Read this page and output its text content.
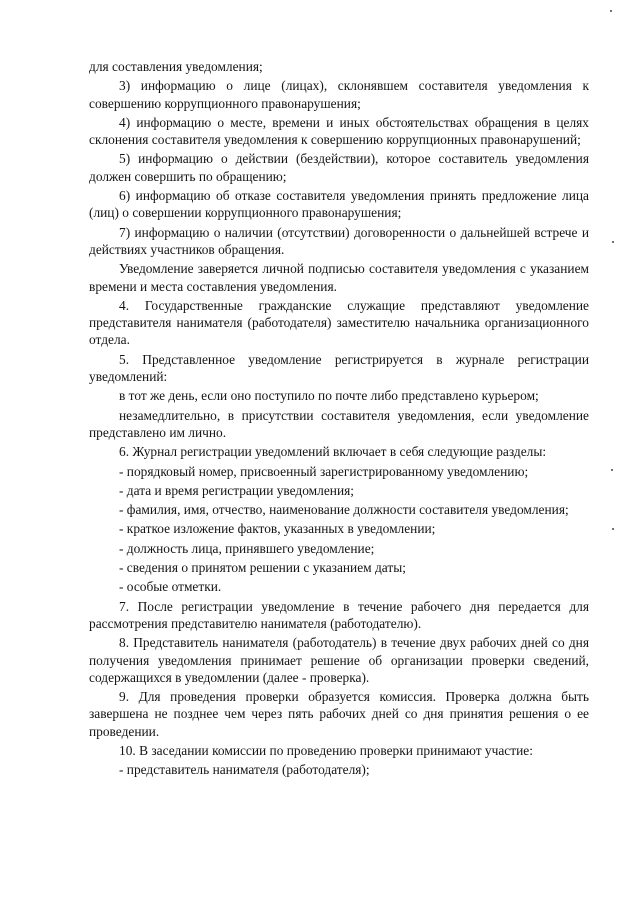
для составления уведомления;

3) информацию о лице (лицах), склонявшем составителя уведомления к совершению коррупционного правонарушения;

4) информацию о месте, времени и иных обстоятельствах обращения в целях склонения составителя уведомления к совершению коррупционных правонарушений;

5) информацию о действии (бездействии), которое составитель уведомления должен совершить по обращению;

6) информацию об отказе составителя уведомления принять предложение лица (лиц) о совершении коррупционного правонарушения;

7) информацию о наличии (отсутствии) договоренности о дальнейшей встрече и действиях участников обращения.

Уведомление заверяется личной подписью составителя уведомления с указанием времени и места составления уведомления.

4. Государственные гражданские служащие представляют уведомление представителя нанимателя (работодателя) заместителю начальника организационного отдела.

5. Представленное уведомление регистрируется в журнале регистрации уведомлений:

в тот же день, если оно поступило по почте либо представлено курьером;

незамедлительно, в присутствии составителя уведомления, если уведомление представлено им лично.

6. Журнал регистрации уведомлений включает в себя следующие разделы:

- порядковый номер, присвоенный зарегистрированному уведомлению;

- дата и время регистрации уведомления;

- фамилия, имя, отчество, наименование должности составителя уведомления;

- краткое изложение фактов, указанных в уведомлении;

- должность лица, принявшего уведомление;

- сведения о принятом решении с указанием даты;

- особые отметки.

7. После регистрации уведомление в течение рабочего дня передается для рассмотрения представителю нанимателя (работодателю).

8. Представитель нанимателя (работодатель) в течение двух рабочих дней со дня получения уведомления принимает решение об организации проверки сведений, содержащихся в уведомлении (далее - проверка).

9. Для проведения проверки образуется комиссия. Проверка должна быть завершена не позднее чем через пять рабочих дней со дня принятия решения о ее проведении.

10. В заседании комиссии по проведению проверки принимают участие:

- представитель нанимателя (работодателя);
